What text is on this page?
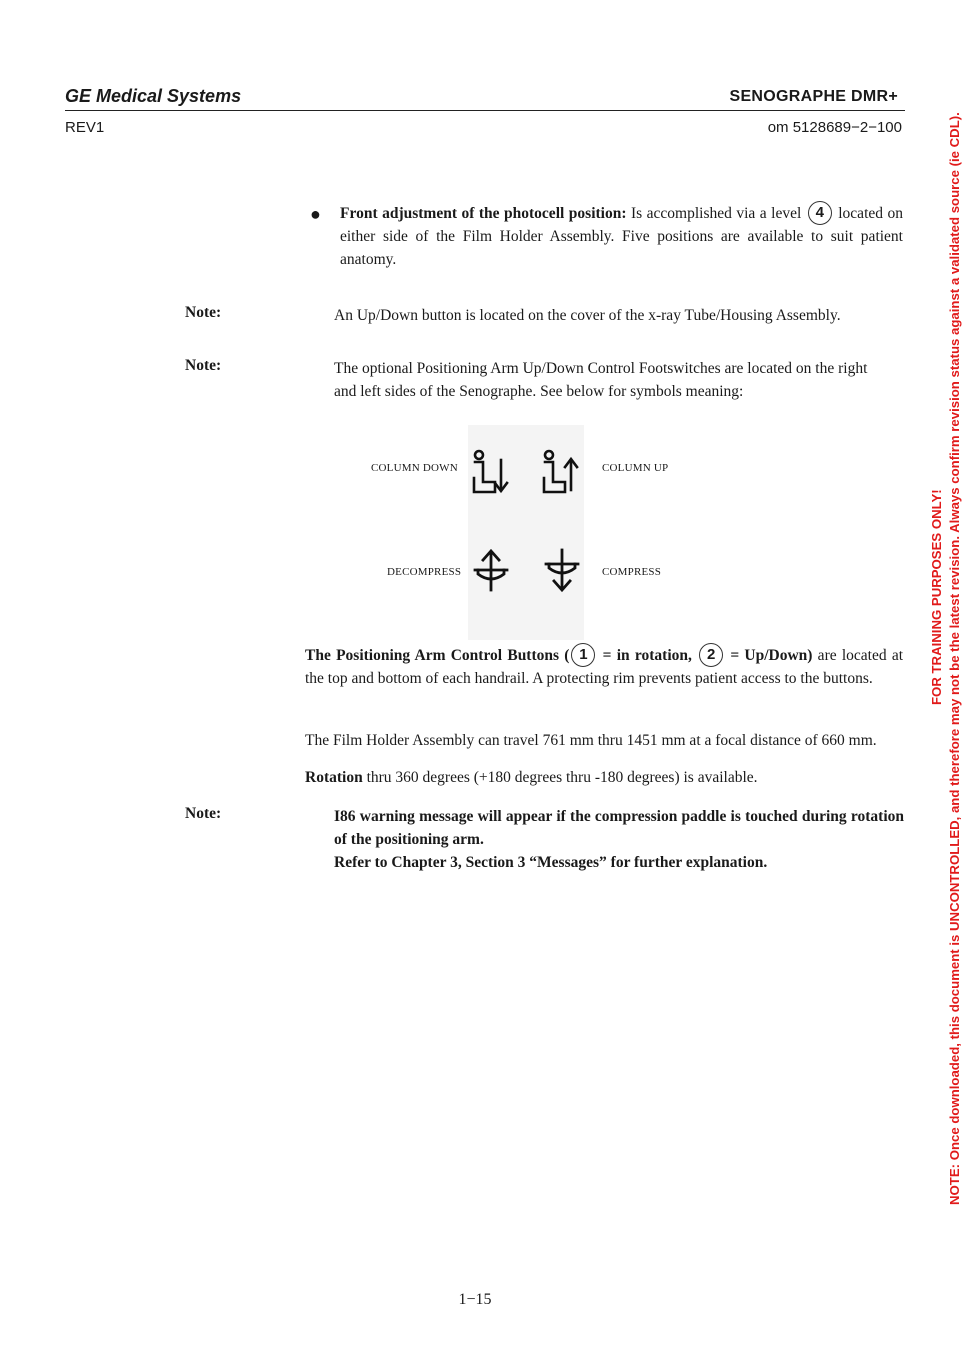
GE Medical Systems	SENOGRAPHE DMR+
REV1	om 5128689−2−100
● Front adjustment of the photocell position: Is accomplished via a level 4 located on either side of the Film Holder Assembly. Five positions are available to suit patient anatomy.
Note:	An Up/Down button is located on the cover of the x-ray Tube/Housing Assembly.
Note:	The optional Positioning Arm Up/Down Control Footswitches are located on the right and left sides of the Senographe. See below for symbols meaning:
COLUMN DOWN	COLUMN UP
DECOMPRESS	COMPRESS
The Positioning Arm Control Buttons ( 1 = in rotation, 2 = Up/Down) are located at the top and bottom of each handrail. A protecting rim prevents patient access to the buttons.
The Film Holder Assembly can travel 761 mm thru 1451 mm at a focal distance of 660 mm.
Rotation thru 360 degrees (+180 degrees thru -180 degrees) is available.
Note:	I86 warning message will appear if the compression paddle is touched during rotation of the positioning arm.
Refer to Chapter 3, Section 3 “Messages” for further explanation.
FOR TRAINING PURPOSES ONLY! NOTE: Once downloaded, this document is UNCONTROLLED, and therefore may not be the latest revision. Always confirm revision status against a validated source (ie CDL).
1−15
